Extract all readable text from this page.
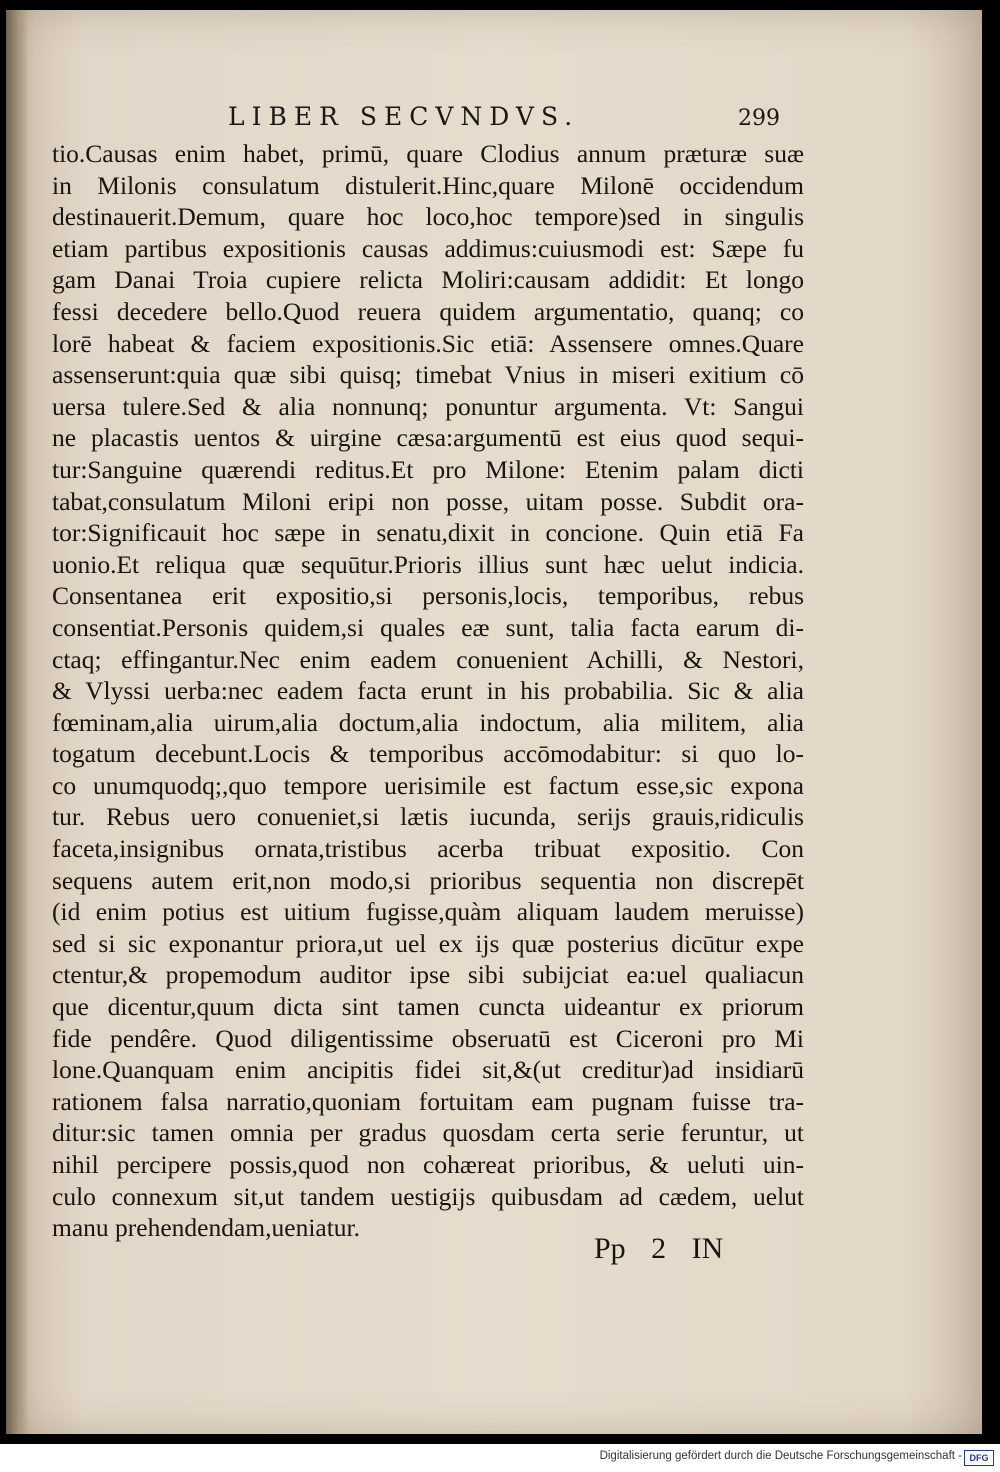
LIBER SECVNDVS.	299
tio.Causas enim habet, primū, quare Clodius annum præturæ suæ
in Milonis consulatum distulerit.Hinc,quare Milonē occidendum
destinauerit.Demum, quare hoc loco,hoc tempore)sed in singulis
etiam partibus expositionis causas addimus:cuiusmodi est: Sæpe fu
gam Danai Troia cupiere relicta Moliri:causam addidit: Et longo
fessi decedere bello.Quod reuera quidem argumentatio, quanq; co
lorē habeat & faciem expositionis.Sic etiā: Assensere omnes.Quare
assenserunt:quia quæ sibi quisq; timebat Vnius in miseri exitium cō
uersa tulere.Sed & alia nonnunq; ponuntur argumenta. Vt: Sangui
ne placastis uentos & uirgine cæsa:argumentū est eius quod sequi-
tur:Sanguine quærendi reditus.Et pro Milone: Etenim palam dicti
tabat,consulatum Miloni eripi non posse, uitam posse. Subdit ora-
tor:Significauit hoc sæpe in senatu,dixit in concione. Quin etiā Fa
uonio.Et reliqua quæ sequūtur.Prioris illius sunt hæc uelut indicia.
Consentanea erit expositio,si personis,locis, temporibus, rebus
consentiat.Personis quidem,si quales eæ sunt, talia facta earum di-
ctaq; effingantur.Nec enim eadem conuenient Achilli, & Nestori,
& Vlyssi uerba:nec eadem facta erunt in his probabilia. Sic & alia
fœminam,alia uirum,alia doctum,alia indoctum, alia militem, alia
togatum decebunt.Locis & temporibus accōmodabitur: si quo lo-
co unumquodq;,quo tempore uerisimile est factum esse,sic expona
tur. Rebus uero conueniet,si lætis iucunda, serijs grauis,ridiculis
faceta,insignibus ornata,tristibus acerba tribuat expositio. Con
sequens autem erit,non modo,si prioribus sequentia non discrepēt
(id enim potius est uitium fugisse,quàm aliquam laudem meruisse)
sed si sic exponantur priora,ut uel ex ijs quæ posterius dicūtur expe
ctentur,& propemodum auditor ipse sibi subijciat ea:uel qualiacun
que dicentur,quum dicta sint tamen cuncta uideantur ex priorum
fide pendêre. Quod diligentissime obseruatū est Ciceroni pro Mi
lone.Quanquam enim ancipitis fidei sit,&(ut creditur)ad insidiarū
rationem falsa narratio,quoniam fortuitam eam pugnam fuisse tra-
ditur:sic tamen omnia per gradus quosdam certa serie feruntur, ut
nihil percipere possis,quod non cohæreat prioribus, & ueluti uin-
culo connexum sit,ut tandem uestigijs quibusdam ad cædem, uelut
manu prehendendam,ueniatur.
Pp 2 IN
Digitalisierung gefördert durch die Deutsche Forschungsgemeinschaft - DFG
